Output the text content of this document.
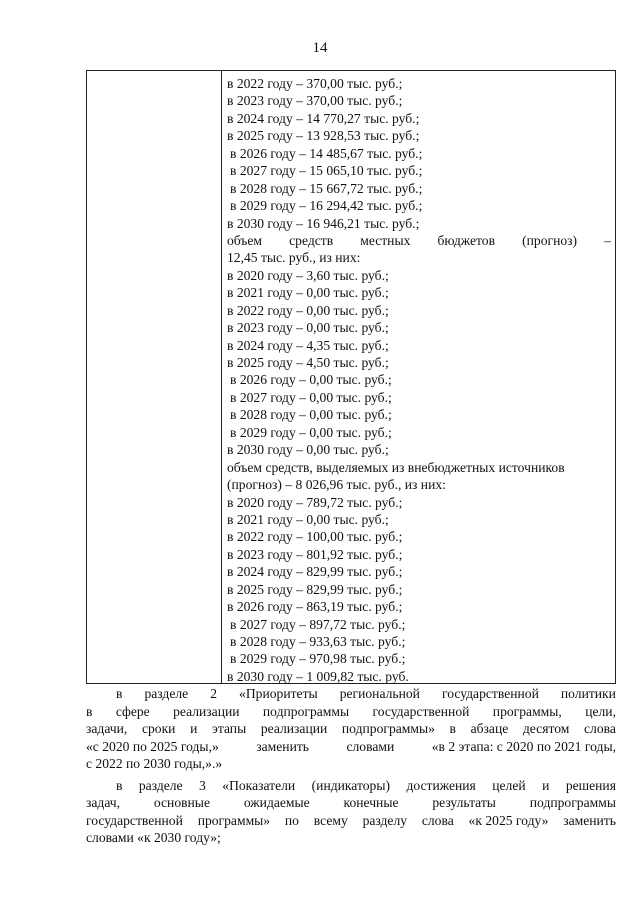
14
в 2022 году – 370,00 тыс. руб.;
в 2023 году – 370,00 тыс. руб.;
в 2024 году – 14 770,27 тыс. руб.;
в 2025 году – 13 928,53 тыс. руб.;
в 2026 году – 14 485,67 тыс. руб.;
в 2027 году – 15 065,10 тыс. руб.;
в 2028 году – 15 667,72 тыс. руб.;
в 2029 году – 16 294,42 тыс. руб.;
в 2030 году – 16 946,21 тыс. руб.;
объем средств местных бюджетов (прогноз) –
12,45 тыс. руб., из них:
в 2020 году – 3,60 тыс. руб.;
в 2021 году – 0,00 тыс. руб.;
в 2022 году – 0,00 тыс. руб.;
в 2023 году – 0,00 тыс. руб.;
в 2024 году – 4,35 тыс. руб.;
в 2025 году – 4,50 тыс. руб.;
в 2026 году – 0,00 тыс. руб.;
в 2027 году – 0,00 тыс. руб.;
в 2028 году – 0,00 тыс. руб.;
в 2029 году – 0,00 тыс. руб.;
в 2030 году – 0,00 тыс. руб.;
объем средств, выделяемых из внебюджетных источников
(прогноз) – 8 026,96 тыс. руб., из них:
в 2020 году – 789,72 тыс. руб.;
в 2021 году – 0,00 тыс. руб.;
в 2022 году – 100,00 тыс. руб.;
в 2023 году – 801,92 тыс. руб.;
в 2024 году – 829,99 тыс. руб.;
в 2025 году – 829,99 тыс. руб.;
в 2026 году – 863,19 тыс. руб.;
в 2027 году – 897,72 тыс. руб.;
в 2028 году – 933,63 тыс. руб.;
в 2029 году – 970,98 тыс. руб.;
в 2030 году – 1 009,82 тыс. руб.

в разделе 2 «Приоритеты региональной государственной политики
в сфере реализации подпрограммы государственной программы, цели,
задачи, сроки и этапы реализации подпрограммы» в абзаце десятом слова
«с 2020 по 2025 годы,»	заменить	словами	«в 2 этапа: с 2020 по 2021 годы,
с 2022 по 2030 годы,».»

в разделе 3 «Показатели (индикаторы) достижения целей и решения
задач, основные ожидаемые конечные результаты подпрограммы
государственной программы» по всему разделу слова «к 2025 году» заменить
словами «к 2030 году»;
